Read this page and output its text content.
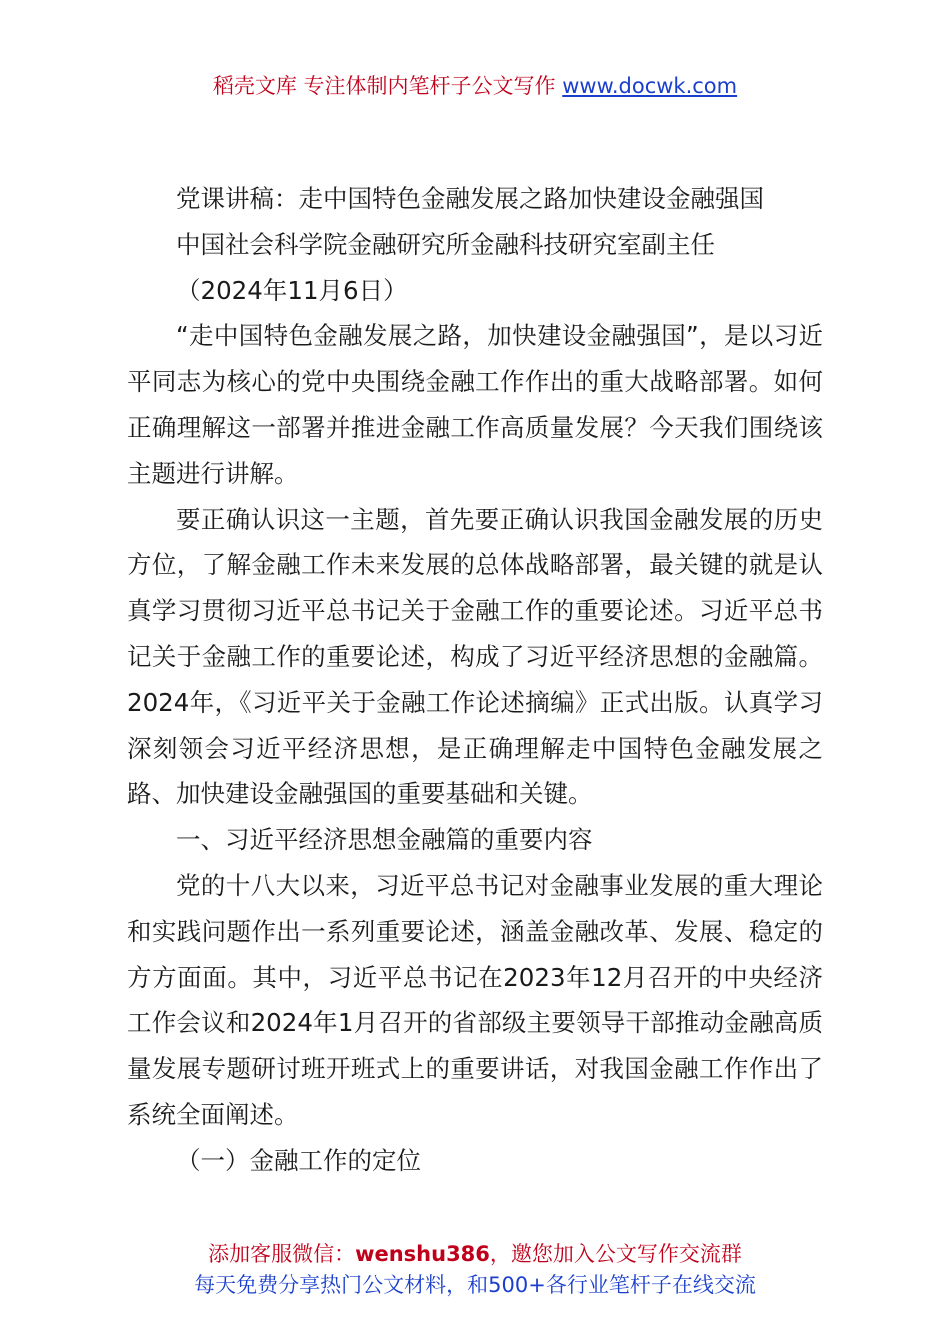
稻壳文库 专注体制内笔杆子公文写作 www.docwk.com

党课讲稿：走中国特色金融发展之路加快建设金融强国

中国社会科学院金融研究所金融科技研究室副主任

（2024年11月6日）

“走中国特色金融发展之路，加快建设金融强国”，是以习近平同志为核心的党中央围绕金融工作作出的重大战略部署。如何正确理解这一部署并推进金融工作高质量发展？今天我们围绕该主题进行讲解。

要正确认识这一主题，首先要正确认识我国金融发展的历史方位，了解金融工作未来发展的总体战略部署，最关键的就是认真学习贯彻习近平总书记关于金融工作的重要论述。习近平总书记关于金融工作的重要论述，构成了习近平经济思想的金融篇。2024年，《习近平关于金融工作论述摘编》正式出版。认真学习深刻领会习近平经济思想，是正确理解走中国特色金融发展之路、加快建设金融强国的重要基础和关键。

一、习近平经济思想金融篇的重要内容

党的十八大以来，习近平总书记对金融事业发展的重大理论和实践问题作出一系列重要论述，涵盖金融改革、发展、稳定的方方面面。其中，习近平总书记在2023年12月召开的中央经济工作会议和2024年1月召开的省部级主要领导干部推动金融高质量发展专题研讨班开班式上的重要讲话，对我国金融工作作出了系统全面阐述。

（一）金融工作的定位

添加客服微信：wenshu386，邀您加入公文写作交流群
每天免费分享热门公文材料，和500+各行业笔杆子在线交流
